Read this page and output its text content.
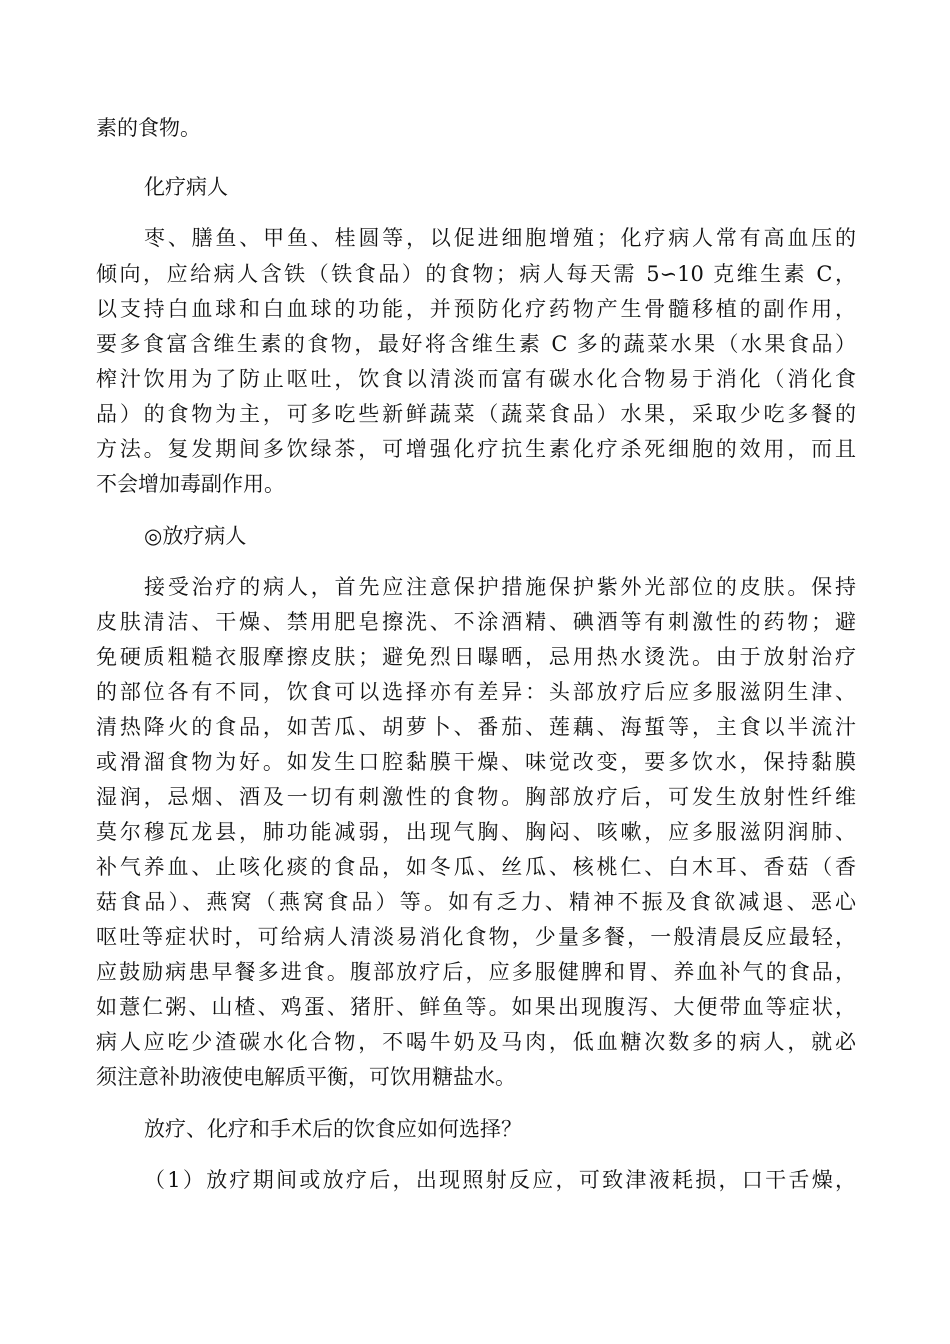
素的食物。
化疗病人
枣、膳鱼、甲鱼、桂圆等，以促进细胞增殖；化疗病人常有高血压的
倾向，应给病人含铁（铁食品）的食物；病人每天需 5∽10 克维生素 C，
以支持白血球和白血球的功能，并预防化疗药物产生骨髓移植的副作用，
要多食富含维生素的食物，最好将含维生素 C 多的蔬菜水果（水果食品）
榨汁饮用为了防止呕吐，饮食以清淡而富有碳水化合物易于消化（消化食
品）的食物为主，可多吃些新鲜蔬菜（蔬菜食品）水果，采取少吃多餐的
方法。复发期间多饮绿茶，可增强化疗抗生素化疗杀死细胞的效用，而且
不会增加毒副作用。
◎放疗病人
接受治疗的病人，首先应注意保护措施保护紫外光部位的皮肤。保持
皮肤清洁、干燥、禁用肥皂擦洗、不涂酒精、碘酒等有刺激性的药物；避
免硬质粗糙衣服摩擦皮肤；避免烈日曝晒，忌用热水烫洗。由于放射治疗
的部位各有不同，饮食可以选择亦有差异：头部放疗后应多服滋阴生津、
清热降火的食品，如苦瓜、胡萝卜、番茄、莲藕、海蜇等，主食以半流汁
或滑溜食物为好。如发生口腔黏膜干燥、味觉改变，要多饮水，保持黏膜
湿润，忌烟、酒及一切有刺激性的食物。胸部放疗后，可发生放射性纤维
莫尔穆瓦龙县，肺功能减弱，出现气胸、胸闷、咳嗽，应多服滋阴润肺、
补气养血、止咳化痰的食品，如冬瓜、丝瓜、核桃仁、白木耳、香菇（香
菇食品）、燕窝（燕窝食品）等。如有乏力、精神不振及食欲减退、恶心
呕吐等症状时，可给病人清淡易消化食物，少量多餐，一般清晨反应最轻，
应鼓励病患早餐多进食。腹部放疗后，应多服健脾和胃、养血补气的食品，
如薏仁粥、山楂、鸡蛋、猪肝、鲜鱼等。如果出现腹泻、大便带血等症状，
病人应吃少渣碳水化合物，不喝牛奶及马肉，低血糖次数多的病人，就必
须注意补助液使电解质平衡，可饮用糖盐水。
放疗、化疗和手术后的饮食应如何选择？
（1）放疗期间或放疗后，出现照射反应，可致津液耗损，口干舌燥，
